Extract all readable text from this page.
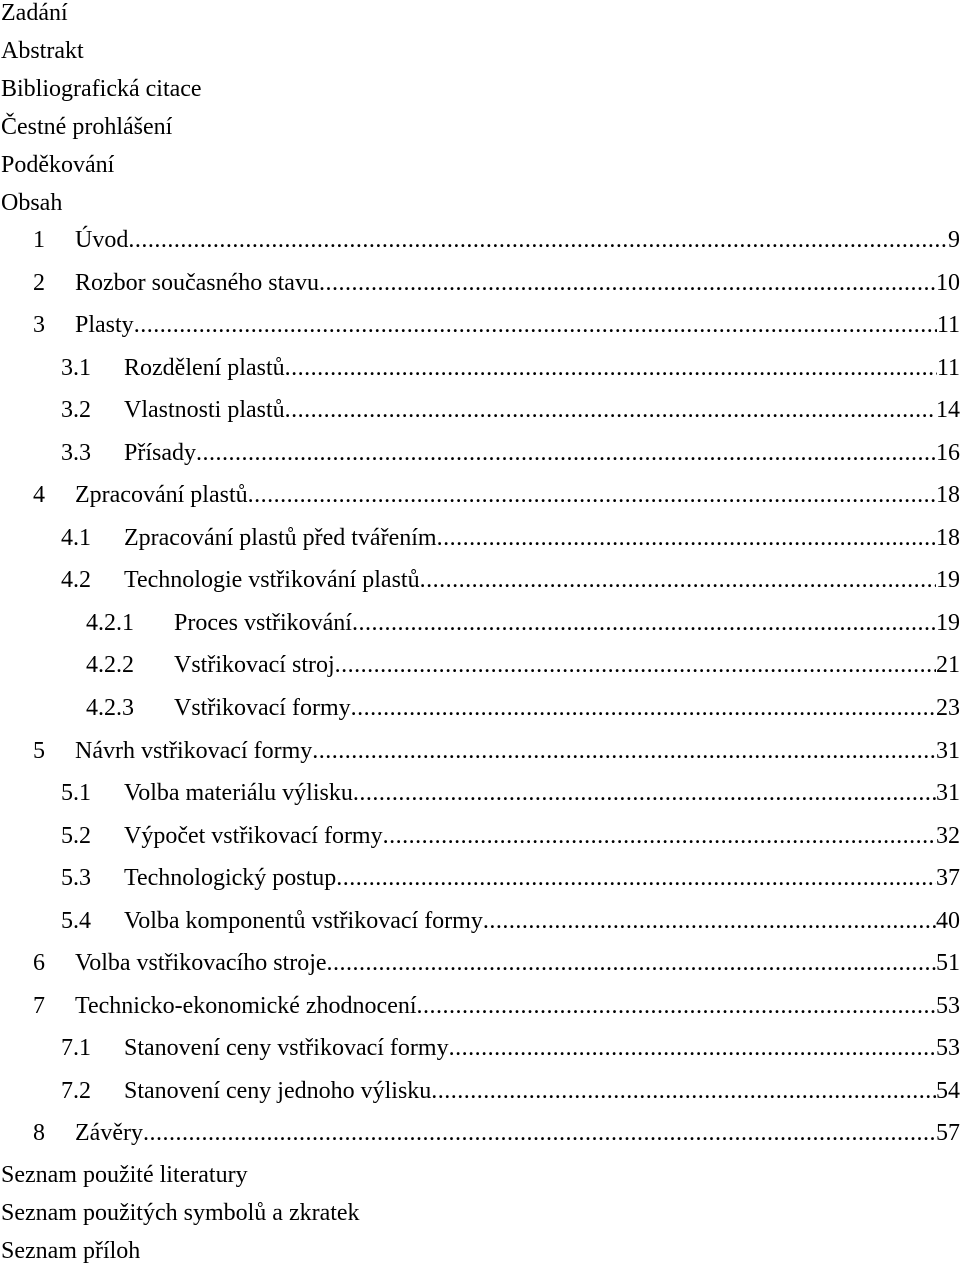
Zadání
Abstrakt
Bibliografická citace
Čestné prohlášení
Poděkování
Obsah
1 Úvod .....	9
2 Rozbor současného stavu .....	10
3 Plasty .....	11
3.1 Rozdělení plastů .....	11
3.2 Vlastnosti plastů .....	14
3.3 Přísady .....	16
4 Zpracování plastů .....	18
4.1 Zpracování plastů před tvářením .....	18
4.2 Technologie vstřikování plastů .....	19
4.2.1 Proces vstřikování .....	19
4.2.2 Vstřikovací stroj .....	21
4.2.3 Vstřikovací formy .....	23
5 Návrh vstřikovací formy .....	31
5.1 Volba materiálu výlisku .....	31
5.2 Výpočet vstřikovací formy .....	32
5.3 Technologický postup .....	37
5.4 Volba komponentů vstřikovací formy .....	40
6 Volba vstřikovacího stroje .....	51
7 Technicko-ekonomické zhodnocení .....	53
7.1 Stanovení ceny vstřikovací formy .....	53
7.2 Stanovení ceny jednoho výlisku .....	54
8 Závěry .....	57
Seznam použité literatury
Seznam použitých symbolů a zkratek
Seznam příloh
